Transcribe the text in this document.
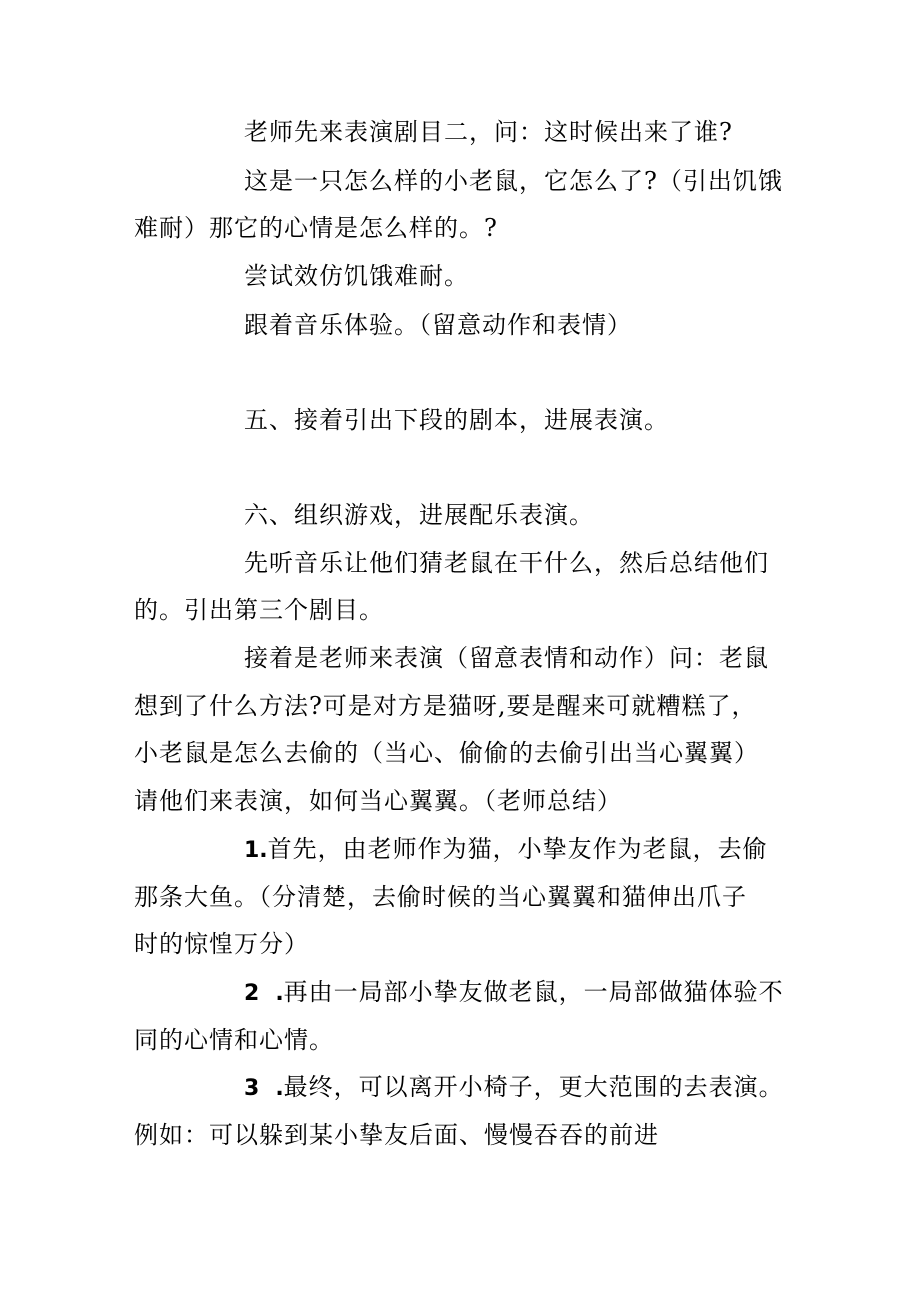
老师先来表演剧目二，问：这时候出来了谁?
这是一只怎么样的小老鼠，它怎么了?（引出饥饿
难耐）那它的心情是怎么样的。?
尝试效仿饥饿难耐。
跟着音乐体验。（留意动作和表情）
五、接着引出下段的剧本，进展表演。
六、组织游戏，进展配乐表演。
先听音乐让他们猜老鼠在干什么，然后总结他们
的。引出第三个剧目。
接着是老师来表演（留意表情和动作）问：老鼠
想到了什么方法?可是对方是猫呀,要是醒来可就糟糕了，
小老鼠是怎么去偷的（当心、偷偷的去偷引出当心翼翼）
请他们来表演，如何当心翼翼。（老师总结）
1.首先，由老师作为猫，小挚友作为老鼠，去偷
那条大鱼。（分清楚，去偷时候的当心翼翼和猫伸出爪子
时的惊惶万分）
2 .再由一局部小挚友做老鼠，一局部做猫体验不
同的心情和心情。
3 .最终，可以离开小椅子，更大范围的去表演。
例如：可以躲到某小挚友后面、慢慢吞吞的前进
